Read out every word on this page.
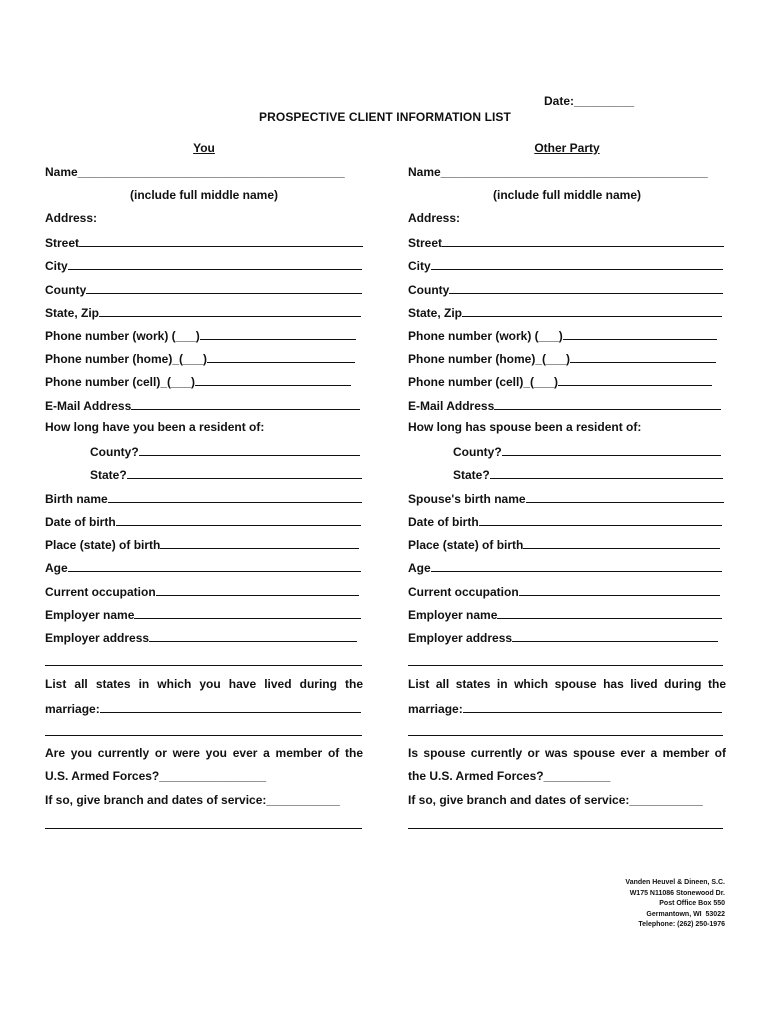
Date:_________
PROSPECTIVE CLIENT INFORMATION LIST
You
Name________________________________________
(include full middle name)
Address:
Street
City
County
State, Zip
Phone number (work) (___)
Phone number (home)_(___)
Phone number (cell)_(___)
E-Mail Address
How long have you been a resident of:
County?
State?
Birth name
Date of birth
Place (state) of birth
Age
Current occupation
Employer name
Employer address
List all states in which you have lived during the
marriage:
Are you currently or were you ever a member of the
U.S. Armed Forces?________________
If so, give branch and dates of service:___________
Other Party
Name________________________________________
(include full middle name)
Address:
Street
City
County
State, Zip
Phone number (work) (___)
Phone number (home)_(___)
Phone number (cell)_(___)
E-Mail Address
How long has spouse been a resident of:
County?
State?
Spouse's birth name
Date of birth
Place (state) of birth
Age
Current occupation
Employer name
Employer address
List all states in which spouse has lived during the
marriage:
Is spouse currently or was spouse ever a member of
the U.S. Armed Forces?__________
If so, give branch and dates of service:___________
Vanden Heuvel & Dineen, S.C.
W175 N11086 Stonewood Dr.
Post Office Box 550
Germantown, WI  53022
Telephone: (262) 250-1976
